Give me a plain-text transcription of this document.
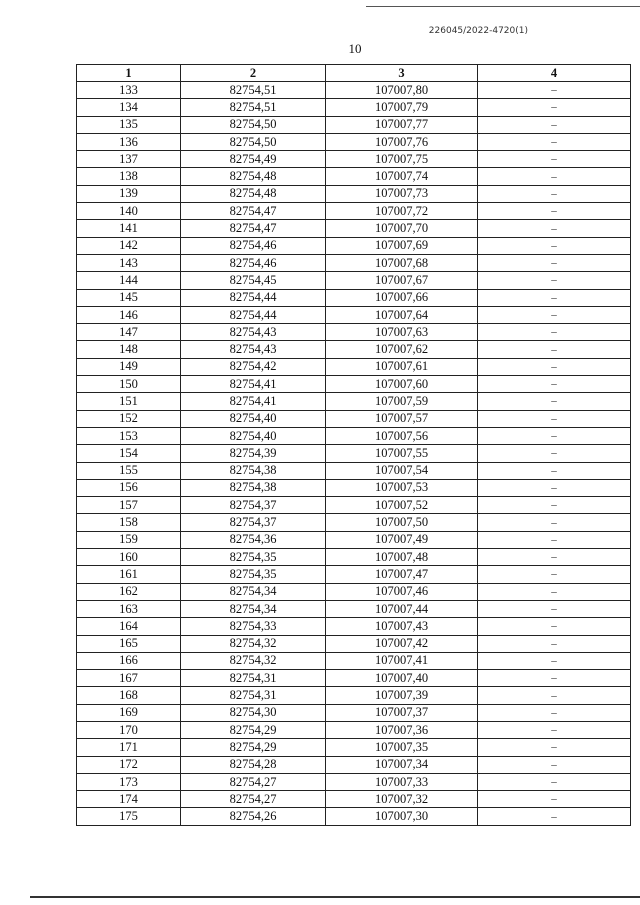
226045/2022-4720(1)
10
1	2	3	4
133	82754,51	107007,80	–
134	82754,51	107007,79	–
135	82754,50	107007,77	–
136	82754,50	107007,76	–
137	82754,49	107007,75	–
138	82754,48	107007,74	–
139	82754,48	107007,73	–
140	82754,47	107007,72	–
141	82754,47	107007,70	–
142	82754,46	107007,69	–
143	82754,46	107007,68	–
144	82754,45	107007,67	–
145	82754,44	107007,66	–
146	82754,44	107007,64	–
147	82754,43	107007,63	–
148	82754,43	107007,62	–
149	82754,42	107007,61	–
150	82754,41	107007,60	–
151	82754,41	107007,59	–
152	82754,40	107007,57	–
153	82754,40	107007,56	–
154	82754,39	107007,55	–
155	82754,38	107007,54	–
156	82754,38	107007,53	–
157	82754,37	107007,52	–
158	82754,37	107007,50	–
159	82754,36	107007,49	–
160	82754,35	107007,48	–
161	82754,35	107007,47	–
162	82754,34	107007,46	–
163	82754,34	107007,44	–
164	82754,33	107007,43	–
165	82754,32	107007,42	–
166	82754,32	107007,41	–
167	82754,31	107007,40	–
168	82754,31	107007,39	–
169	82754,30	107007,37	–
170	82754,29	107007,36	–
171	82754,29	107007,35	–
172	82754,28	107007,34	–
173	82754,27	107007,33	–
174	82754,27	107007,32	–
175	82754,26	107007,30	–
